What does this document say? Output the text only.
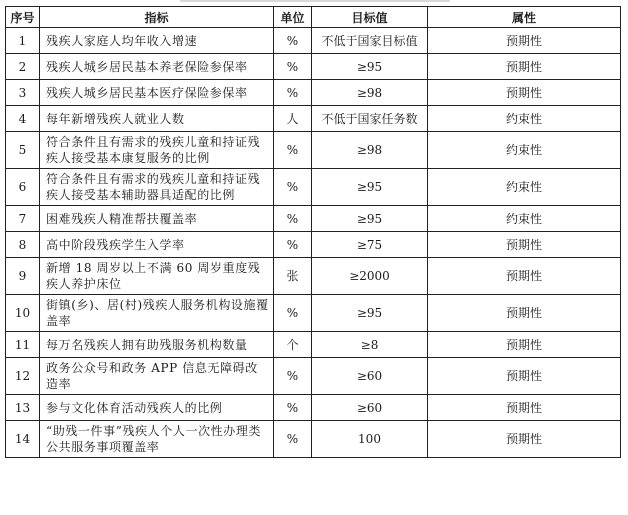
序号	指标	单位	目标值	属性
1	残疾人家庭人均年收入增速	%	不低于国家目标值	预期性
2	残疾人城乡居民基本养老保险参保率	%	≥95	预期性
3	残疾人城乡居民基本医疗保险参保率	%	≥98	预期性
4	每年新增残疾人就业人数	人	不低于国家任务数	约束性
5	符合条件且有需求的残疾儿童和持证残疾人接受基本康复服务的比例	%	≥98	约束性
6	符合条件且有需求的残疾儿童和持证残疾人接受基本辅助器具适配的比例	%	≥95	约束性
7	困难残疾人精准帮扶覆盖率	%	≥95	约束性
8	高中阶段残疾学生入学率	%	≥75	预期性
9	新增 18 周岁以上不满 60 周岁重度残疾人养护床位	张	≥2000	预期性
10	街镇(乡)、居(村)残疾人服务机构设施覆盖率	%	≥95	预期性
11	每万名残疾人拥有助残服务机构数量	个	≥8	预期性
12	政务公众号和政务 APP 信息无障碍改造率	%	≥60	预期性
13	参与文化体育活动残疾人的比例	%	≥60	预期性
14	“助残一件事”残疾人个人一次性办理类公共服务事项覆盖率	%	100	预期性
